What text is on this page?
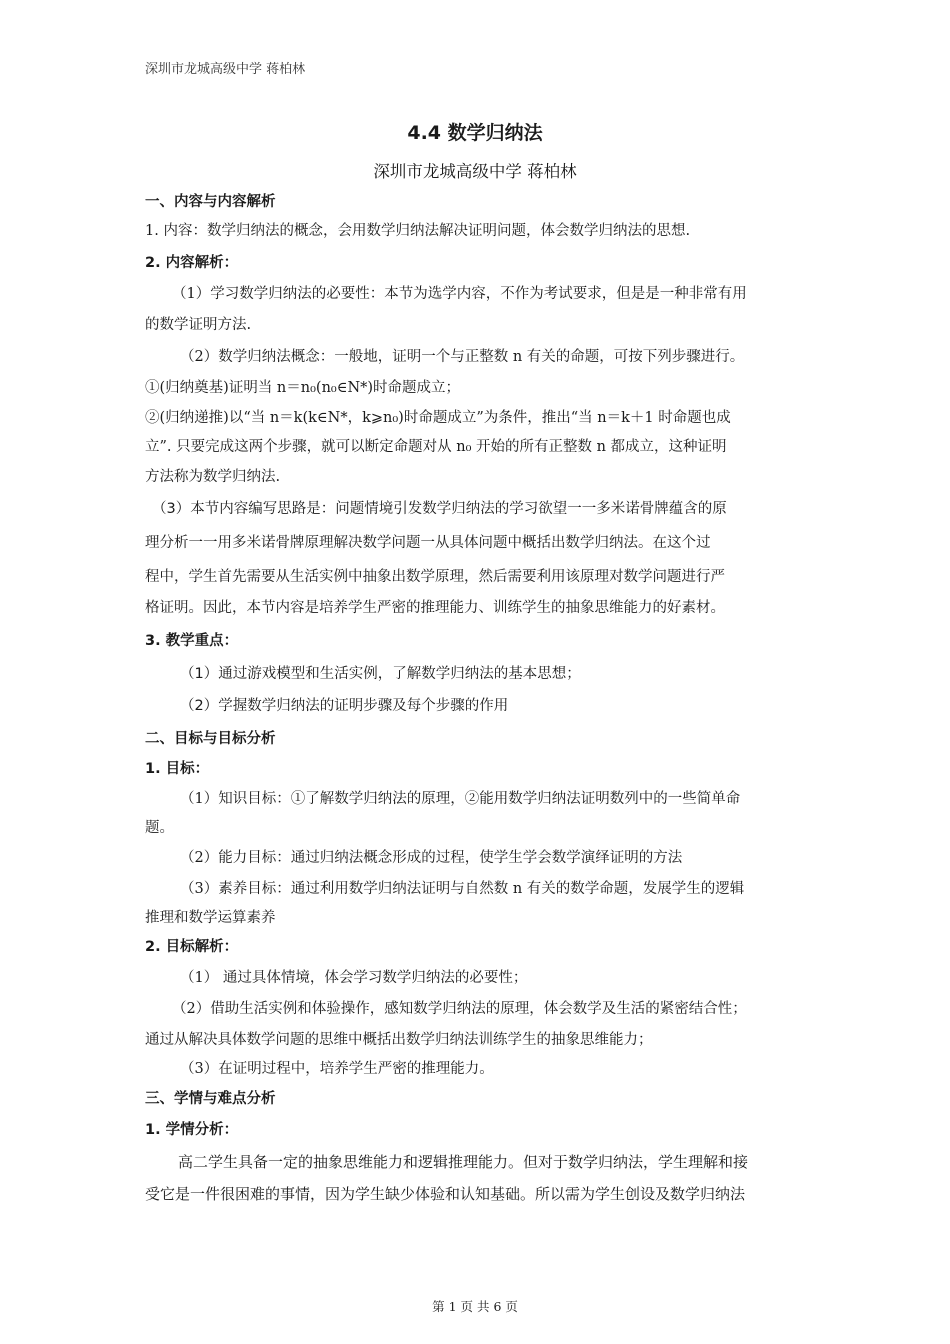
深圳市龙城高级中学 蒋柏林
4.4 数学归纳法
深圳市龙城高级中学 蒋柏林
一、内容与内容解析
1. 内容：数学归纳法的概念，会用数学归纳法解决证明问题，体会数学归纳法的思想.
2. 内容解析：
（1）学习数学归纳法的必要性：本节为选学内容，不作为考试要求，但是是一种非常有用
的数学证明方法.
（2）数学归纳法概念：一般地，证明一个与正整数 n 有关的命题，可按下列步骤进行。
①(归纳奠基)证明当 n＝n₀(n₀∈N*)时命题成立；
②(归纳递推)以“当 n＝k(k∈N*，k⩾n₀)时命题成立”为条件，推出“当 n＝k＋1 时命题也成
立”. 只要完成这两个步骤，就可以断定命题对从 n₀ 开始的所有正整数 n 都成立，这种证明
方法称为数学归纳法.
（3）本节内容编写思路是：问题情境引发数学归纳法的学习欲望一一多米诺骨牌蕴含的原
理分析一一用多米诺骨牌原理解决数学问题一从具体问题中概括出数学归纳法。在这个过
程中，学生首先需要从生活实例中抽象出数学原理，然后需要利用该原理对数学问题进行严
格证明。因此，本节内容是培养学生严密的推理能力、训练学生的抽象思维能力的好素材。
3. 教学重点：
（1）通过游戏模型和生活实例，了解数学归纳法的基本思想；
（2）学握数学归纳法的证明步骤及每个步骤的作用
二、目标与目标分析
1. 目标：
（1）知识目标：①了解数学归纳法的原理，②能用数学归纳法证明数列中的一些简单命
题。
（2）能力目标：通过归纳法概念形成的过程，使学生学会数学演绎证明的方法
（3）素养目标：通过利用数学归纳法证明与自然数 n 有关的数学命题，发展学生的逻辑
推理和数学运算素养
2. 目标解析：
（1） 通过具体情境，体会学习数学归纳法的必要性；
（2）借助生活实例和体验操作，感知数学归纳法的原理，体会数学及生活的紧密结合性；
通过从解决具体数学问题的思维中概括出数学归纳法训练学生的抽象思维能力；
（3）在证明过程中，培养学生严密的推理能力。
三、学情与难点分析
1. 学情分析：
高二学生具备一定的抽象思维能力和逻辑推理能力。但对于数学归纳法，学生理解和接
受它是一件很困难的事情，因为学生缺少体验和认知基础。所以需为学生创设及数学归纳法
第 1 页 共 6 页
